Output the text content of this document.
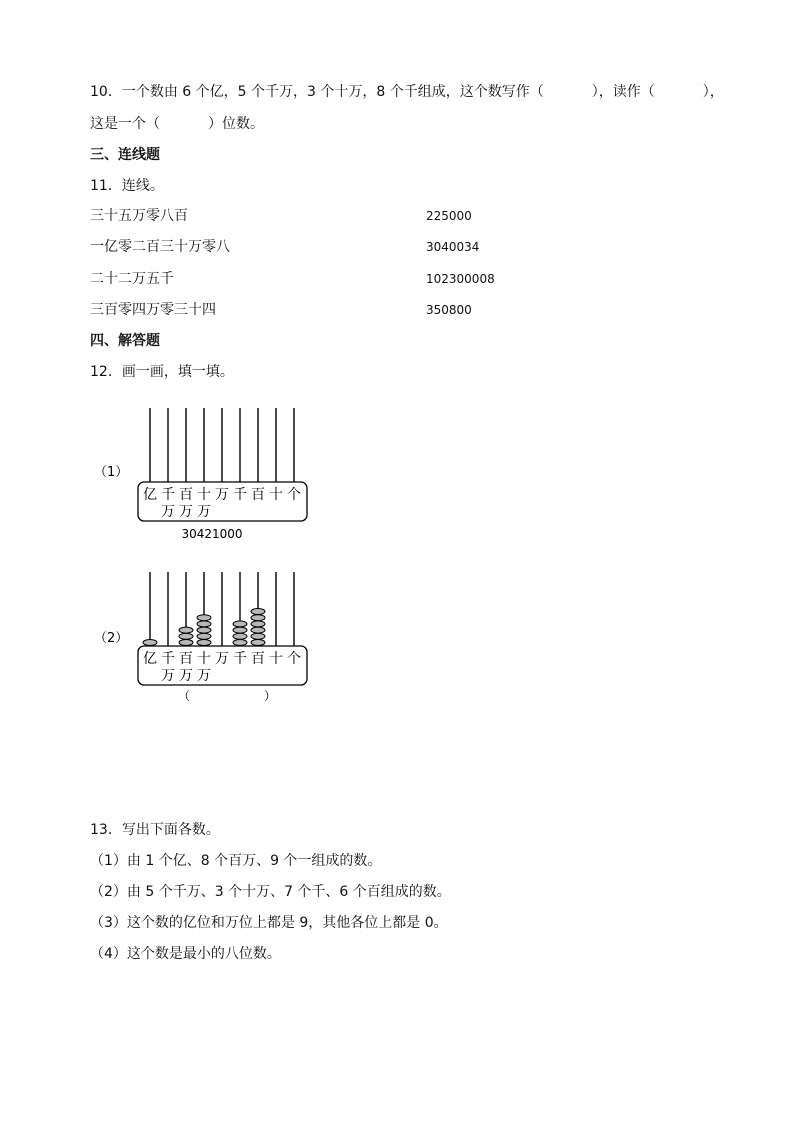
10．一个数由 6 个亿，5 个千万，3 个十万，8 个千组成，这个数写作（	），读作（	），
这是一个（	）位数。
三、连线题
11．连线。
三十五万零八百	225000
一亿零二百三十万零八	3040034
二十二万五千	102300008
三百零四万零三十四	350800
四、解答题
12．画一画，填一填。
（1）
亿 千
万
百
万
十
万
万 千 百 十 个
30421000
（2）
亿 千
万
百
万
十
万
万 千 百 十 个
（	）
13．写出下面各数。
（1）由 1 个亿、8 个百万、9 个一组成的数。
（2）由 5 个千万、3 个十万、7 个千、6 个百组成的数。
（3）这个数的亿位和万位上都是 9，其他各位上都是 0。
（4）这个数是最小的八位数。
